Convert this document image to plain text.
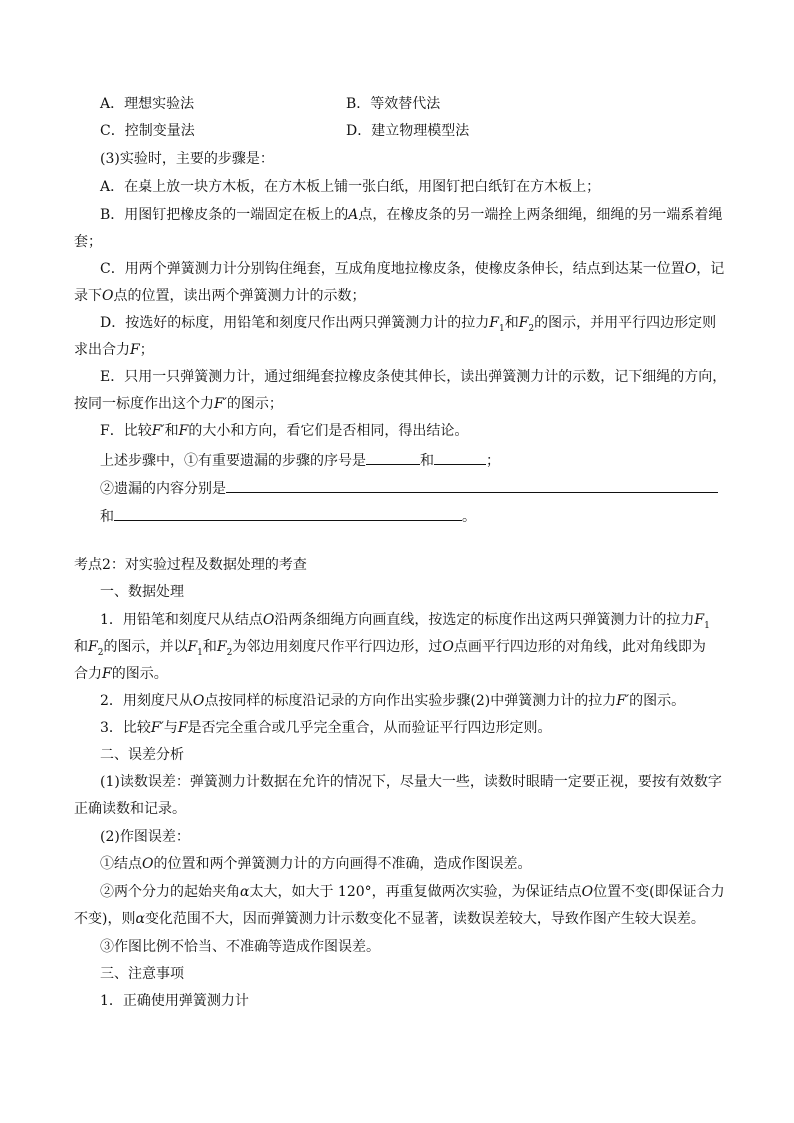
A．理想实验法	B．等效替代法
C．控制变量法	D．建立物理模型法
(3)实验时，主要的步骤是：
A．在桌上放一块方木板，在方木板上铺一张白纸，用图钉把白纸钉在方木板上；
B．用图钉把橡皮条的一端固定在板上的A点，在橡皮条的另一端拴上两条细绳，细绳的另一端系着绳
套；
C．用两个弹簧测力计分别钩住绳套，互成角度地拉橡皮条，使橡皮条伸长，结点到达某一位置O，记
录下O点的位置，读出两个弹簧测力计的示数；
D．按选好的标度，用铅笔和刻度尺作出两只弹簧测力计的拉力$F_1$和$F_2$的图示，并用平行四边形定则
求出合力F；
E．只用一只弹簧测力计，通过细绳套拉橡皮条使其伸长，读出弹簧测力计的示数，记下细绳的方向，
按同一标度作出这个力F′的图示；
F．比较F′和F的大小和方向，看它们是否相同，得出结论。
上述步骤中，①有重要遗漏的步骤的序号是	和	；
②遗漏的内容分别是
和	。
考点2：对实验过程及数据处理的考查
一、数据处理
1．用铅笔和刻度尺从结点O沿两条细绳方向画直线，按选定的标度作出这两只弹簧测力计的拉力$F_1$
和$F_2$的图示，并以$F_1$和$F_2$为邻边用刻度尺作平行四边形，过O点画平行四边形的对角线，此对角线即为
合力F的图示。
2．用刻度尺从O点按同样的标度沿记录的方向作出实验步骤(2)中弹簧测力计的拉力F′的图示。
3．比较F′与F是否完全重合或几乎完全重合，从而验证平行四边形定则。
二、误差分析
(1)读数误差：弹簧测力计数据在允许的情况下，尽量大一些，读数时眼睛一定要正视，要按有效数字
正确读数和记录。
(2)作图误差：
①结点O的位置和两个弹簧测力计的方向画得不准确，造成作图误差。
②两个分力的起始夹角α太大，如大于 120°，再重复做两次实验，为保证结点O位置不变(即保证合力
不变)，则α变化范围不大，因而弹簧测力计示数变化不显著，读数误差较大，导致作图产生较大误差。
③作图比例不恰当、不准确等造成作图误差。
三、注意事项
1．正确使用弹簧测力计
